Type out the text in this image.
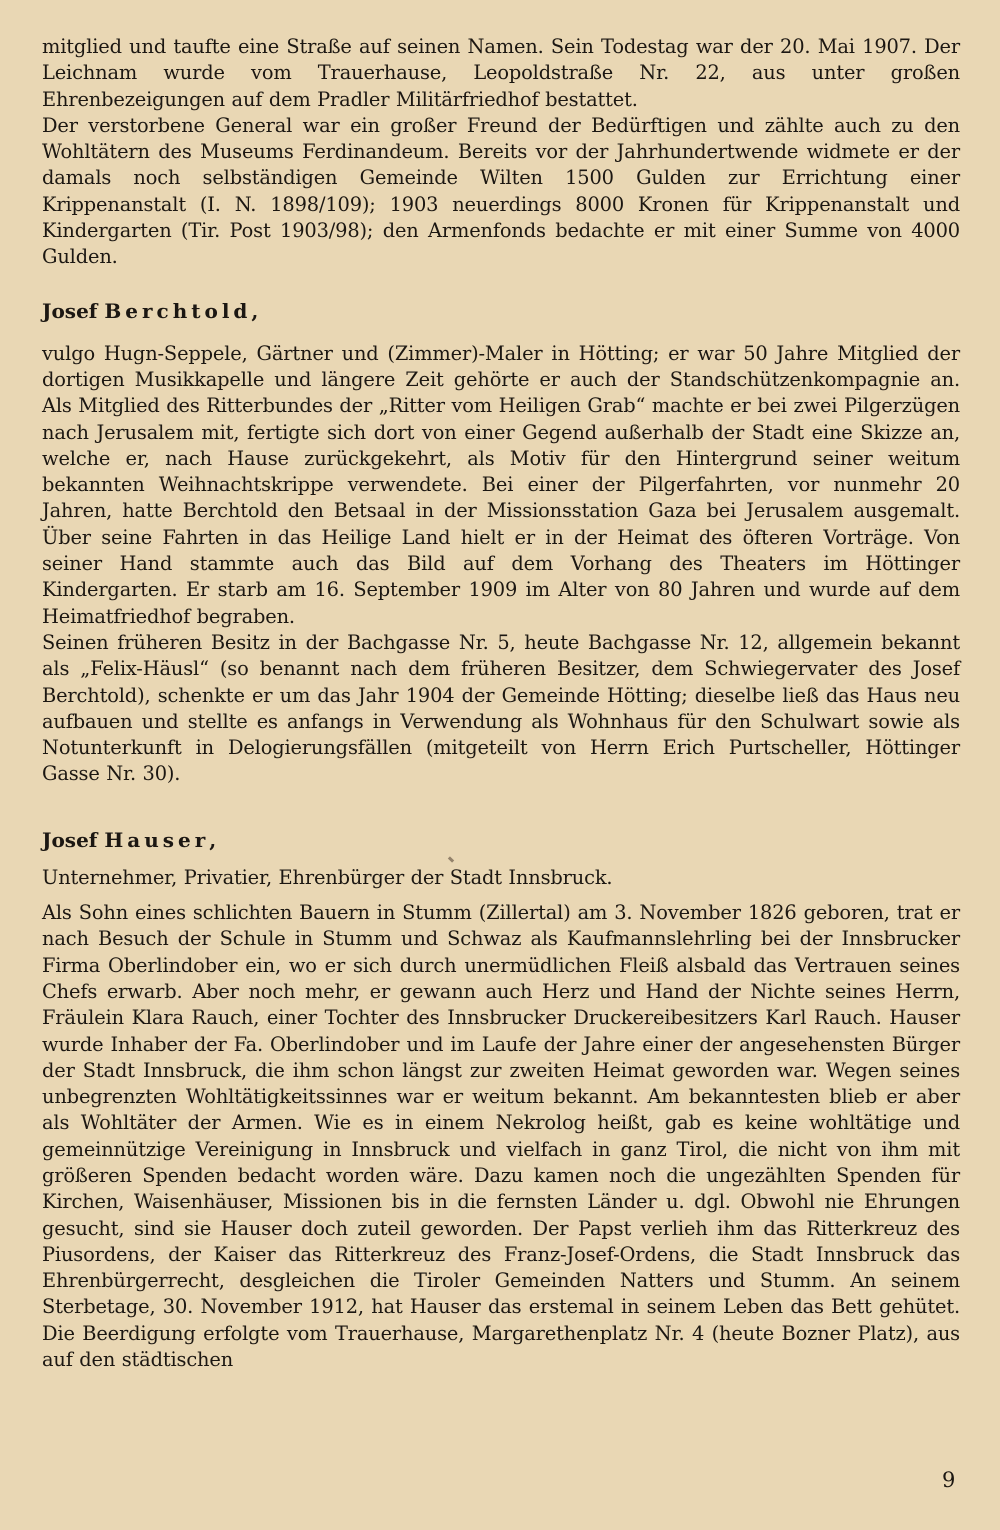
mitglied und taufte eine Straße auf seinen Namen. Sein Todestag war der 20. Mai 1907. Der Leichnam wurde vom Trauerhause, Leopoldstraße Nr. 22, aus unter großen Ehrenbezeigungen auf dem Pradler Militärfriedhof bestattet.

Der verstorbene General war ein großer Freund der Bedürftigen und zählte auch zu den Wohltätern des Museums Ferdinandeum. Bereits vor der Jahrhundertwende widmete er der damals noch selbständigen Gemeinde Wilten 1500 Gulden zur Errichtung einer Krippenanstalt (I. N. 1898/109); 1903 neuerdings 8000 Kronen für Krippenanstalt und Kindergarten (Tir. Post 1903/98); den Armenfonds bedachte er mit einer Summe von 4000 Gulden.

Josef Berchtold,

vulgo Hugn-Seppele, Gärtner und (Zimmer)-Maler in Hötting; er war 50 Jahre Mitglied der dortigen Musikkapelle und längere Zeit gehörte er auch der Standschützenkompagnie an. Als Mitglied des Ritterbundes der „Ritter vom Heiligen Grab“ machte er bei zwei Pilgerzügen nach Jerusalem mit, fertigte sich dort von einer Gegend außerhalb der Stadt eine Skizze an, welche er, nach Hause zurückgekehrt, als Motiv für den Hintergrund seiner weitum bekannten Weihnachtskrippe verwendete. Bei einer der Pilgerfahrten, vor nunmehr 20 Jahren, hatte Berchtold den Betsaal in der Missionsstation Gaza bei Jerusalem ausgemalt. Über seine Fahrten in das Heilige Land hielt er in der Heimat des öfteren Vorträge. Von seiner Hand stammte auch das Bild auf dem Vorhang des Theaters im Höttinger Kindergarten. Er starb am 16. September 1909 im Alter von 80 Jahren und wurde auf dem Heimatfriedhof begraben.

Seinen früheren Besitz in der Bachgasse Nr. 5, heute Bachgasse Nr. 12, allgemein bekannt als „Felix-Häusl“ (so benannt nach dem früheren Besitzer, dem Schwiegervater des Josef Berchtold), schenkte er um das Jahr 1904 der Gemeinde Hötting; dieselbe ließ das Haus neu aufbauen und stellte es anfangs in Verwendung als Wohnhaus für den Schulwart sowie als Notunterkunft in Delogierungsfällen (mitgeteilt von Herrn Erich Purtscheller, Höttinger Gasse Nr. 30).

Josef Hauser,

Unternehmer, Privatier, Ehrenbürger der Stadt Innsbruck.

Als Sohn eines schlichten Bauern in Stumm (Zillertal) am 3. November 1826 geboren, trat er nach Besuch der Schule in Stumm und Schwaz als Kaufmannslehrling bei der Innsbrucker Firma Oberlindober ein, wo er sich durch unermüdlichen Fleiß alsbald das Vertrauen seines Chefs erwarb. Aber noch mehr, er gewann auch Herz und Hand der Nichte seines Herrn, Fräulein Klara Rauch, einer Tochter des Innsbrucker Druckereibesitzers Karl Rauch. Hauser wurde Inhaber der Fa. Oberlindober und im Laufe der Jahre einer der angesehensten Bürger der Stadt Innsbruck, die ihm schon längst zur zweiten Heimat geworden war. Wegen seines unbegrenzten Wohltätigkeitssinnes war er weitum bekannt. Am bekanntesten blieb er aber als Wohltäter der Armen. Wie es in einem Nekrolog heißt, gab es keine wohltätige und gemeinnützige Vereinigung in Innsbruck und vielfach in ganz Tirol, die nicht von ihm mit größeren Spenden bedacht worden wäre. Dazu kamen noch die ungezählten Spenden für Kirchen, Waisenhäuser, Missionen bis in die fernsten Länder u. dgl. Obwohl nie Ehrungen gesucht, sind sie Hauser doch zuteil geworden. Der Papst verlieh ihm das Ritterkreuz des Piusordens, der Kaiser das Ritterkreuz des Franz-Josef-Ordens, die Stadt Innsbruck das Ehrenbürgerrecht, desgleichen die Tiroler Gemeinden Natters und Stumm. An seinem Sterbetage, 30. November 1912, hat Hauser das erstemal in seinem Leben das Bett gehütet. Die Beerdigung erfolgte vom Trauerhause, Margarethenplatz Nr. 4 (heute Bozner Platz), aus auf den städtischen

9
